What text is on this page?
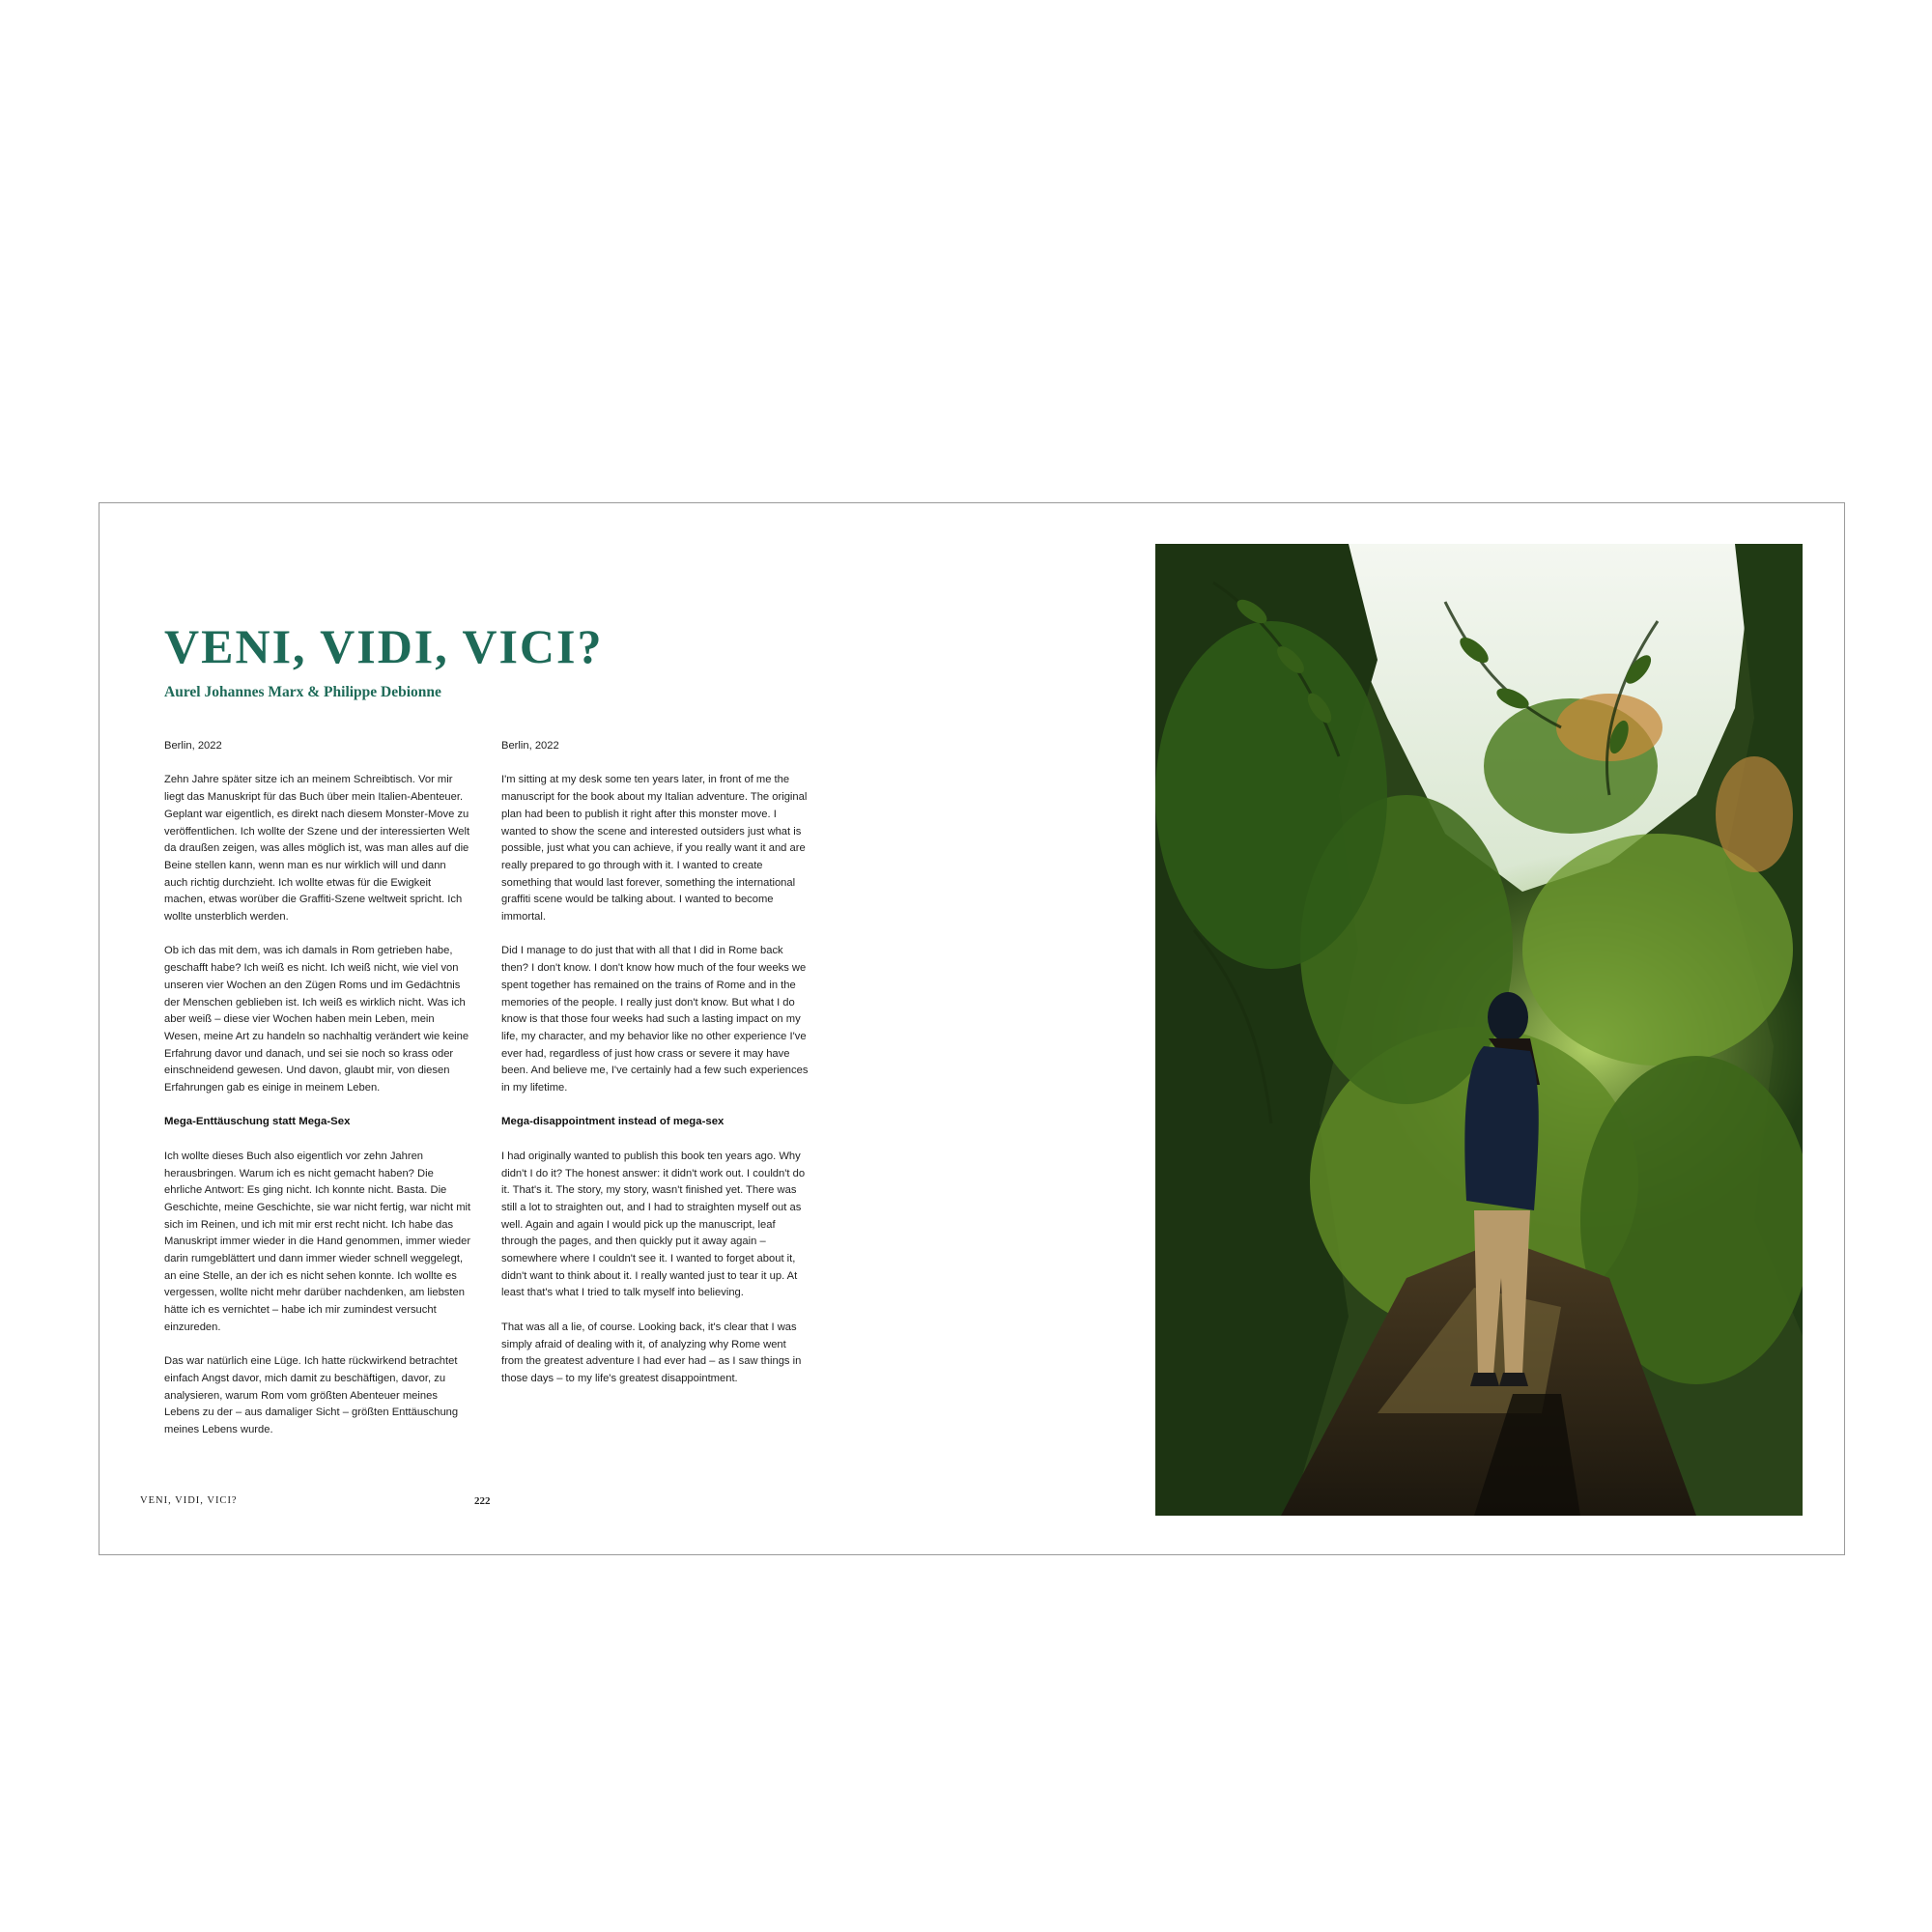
VENI, VIDI, VICI?
Aurel Johannes Marx & Philippe Debionne

Berlin, 2022

Zehn Jahre später sitze ich an meinem Schreibtisch. Vor mir liegt das Manuskript für das Buch über mein Italien-Abenteuer. Geplant war eigentlich, es direkt nach diesem Monster-Move zu veröffentlichen. Ich wollte der Szene und der interessierten Welt da draußen zeigen, was alles möglich ist, was man alles auf die Beine stellen kann, wenn man es nur wirklich will und dann auch richtig durchzieht. Ich wollte etwas für die Ewigkeit machen, etwas worüber die Graffiti-Szene weltweit spricht. Ich wollte unsterblich werden.

Ob ich das mit dem, was ich damals in Rom getrieben habe, geschafft habe? Ich weiß es nicht. Ich weiß nicht, wie viel von unseren vier Wochen an den Zügen Roms und im Gedächtnis der Menschen geblieben ist. Ich weiß es wirklich nicht. Was ich aber weiß – diese vier Wochen haben mein Leben, mein Wesen, meine Art zu handeln so nachhaltig verändert wie keine Erfahrung davor und danach, und sei sie noch so krass oder einschneidend gewesen. Und davon, glaubt mir, von diesen Erfahrungen gab es einige in meinem Leben.

Mega-Enttäuschung statt Mega-Sex

Ich wollte dieses Buch also eigentlich vor zehn Jahren herausbringen. Warum ich es nicht gemacht haben? Die ehrliche Antwort: Es ging nicht. Ich konnte nicht. Basta. Die Geschichte, meine Geschichte, sie war nicht fertig, war nicht mit sich im Reinen, und ich mit mir erst recht nicht. Ich habe das Manuskript immer wieder in die Hand genommen, immer wieder darin rumgeblättert und dann immer wieder schnell weggelegt, an eine Stelle, an der ich es nicht sehen konnte. Ich wollte es vergessen, wollte nicht mehr darüber nachdenken, am liebsten hätte ich es vernichtet – habe ich mir zumindest versucht einzureden.

Das war natürlich eine Lüge. Ich hatte rückwirkend betrachtet einfach Angst davor, mich damit zu beschäftigen, davor, zu analysieren, warum Rom vom größten Abenteuer meines Lebens zu der – aus damaliger Sicht – größten Enttäuschung meines Lebens wurde.

Berlin, 2022

I'm sitting at my desk some ten years later, in front of me the manuscript for the book about my Italian adventure. The original plan had been to publish it right after this monster move. I wanted to show the scene and interested outsiders just what is possible, just what you can achieve, if you really want it and are really prepared to go through with it. I wanted to create something that would last forever, something the international graffiti scene would be talking about. I wanted to become immortal.

Did I manage to do just that with all that I did in Rome back then? I don't know. I don't know how much of the four weeks we spent together has remained on the trains of Rome and in the memories of the people. I really just don't know. But what I do know is that those four weeks had such a lasting impact on my life, my character, and my behavior like no other experience I've ever had, regardless of just how crass or severe it may have been. And believe me, I've certainly had a few such experiences in my lifetime.

Mega-disappointment instead of mega-sex

I had originally wanted to publish this book ten years ago. Why didn't I do it? The honest answer: it didn't work out. I couldn't do it. That's it. The story, my story, wasn't finished yet. There was still a lot to straighten out, and I had to straighten myself out as well. Again and again I would pick up the manuscript, leaf through the pages, and then quickly put it away again – somewhere where I couldn't see it. I wanted to forget about it, didn't want to think about it. I really wanted just to tear it up. At least that's what I tried to talk myself into believing.

That was all a lie, of course. Looking back, it's clear that I was simply afraid of dealing with it, of analyzing why Rome went from the greatest adventure I had ever had – as I saw things in those days – to my life's greatest disappointment.

VENI, VIDI, VICI?	222
